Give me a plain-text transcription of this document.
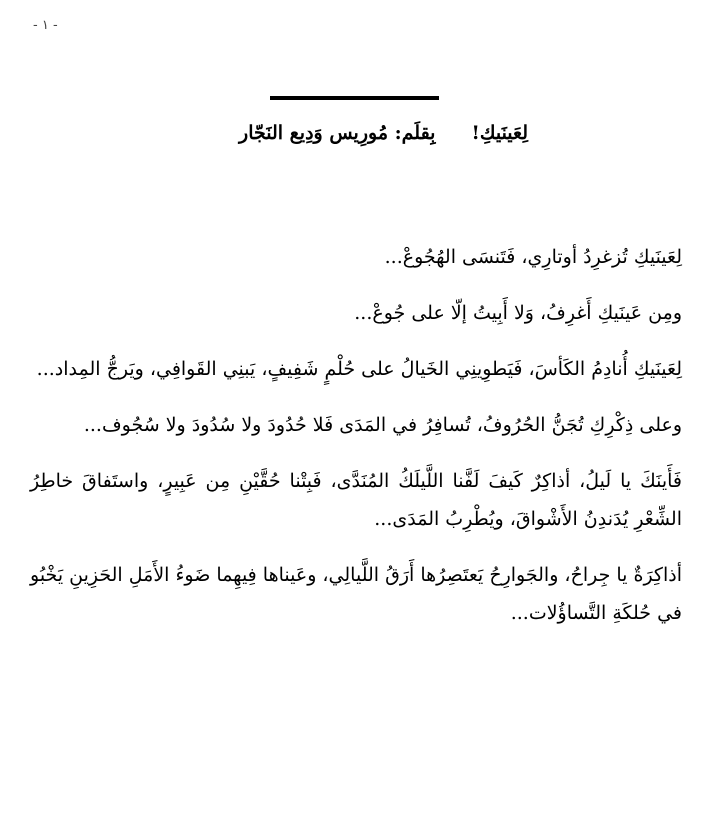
- ١ -
لِعَينَيكِ!بِقلَم: مُورِيس وَدِيع النَجّار

لِعَينَيكِ تُزغرِدُ أوتارِي، فَتَنسَى الهُجُوعْ...

ومِن عَينَيكِ أَغرِفُ، وَلا أَبِيتُ إلّا على جُوعْ...

لِعَينَيكِ أُنادِمُ الكَأسَ، فَيَطوِينِي الخَيالُ على حُلْمٍ شَفِيفٍ، يَبنِي القَوافِي، ويَرجُّ المِداد...

وعلى ذِكْرِكِ تُجَنُّ الحُرُوفُ، تُسافِرُ في المَدَى فَلا حُدُودَ ولا سُدُودَ ولا سُجُوف...

فَأَينَكَ يا لَيلُ، أذاكِرٌ كَيفَ لَفَّنا اللَّيلَكُ المُنَدَّى، فَبِتْنا حُقَّيْنِ مِن عَبِيرٍ، واستَفاقَ خاطِرُ الشِّعْرِ يُدَندِنُ الأَشْواقَ، ويُطْرِبُ المَدَى...

أذاكِرَةٌ يا جِراحُ، والجَوارِحُ يَعتَصِرُها أَرَقُ اللَّيالِي، وعَيناها فِيهِما ضَوءُ الأَمَلِ الحَزِينِ يَخْبُو في حُلكَةِ التَّساؤُلات...
